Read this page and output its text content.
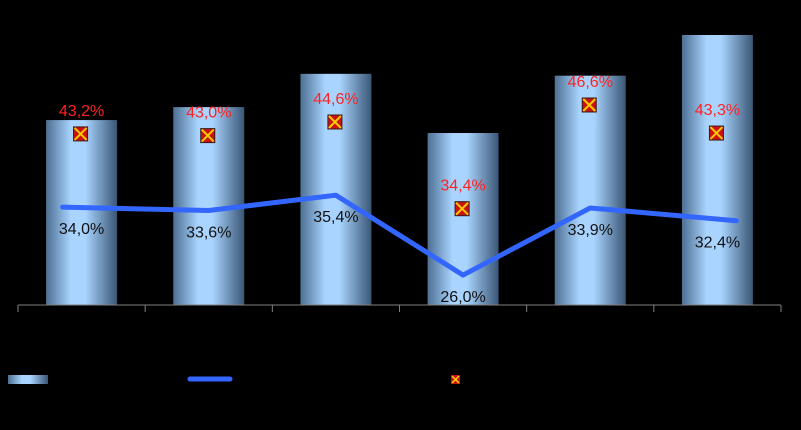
34,0%	33,6%
35,4%
26,0%
33,9%
32,4%
43,2%	43,0%
44,6%
34,4%
46,6%
43,3%
